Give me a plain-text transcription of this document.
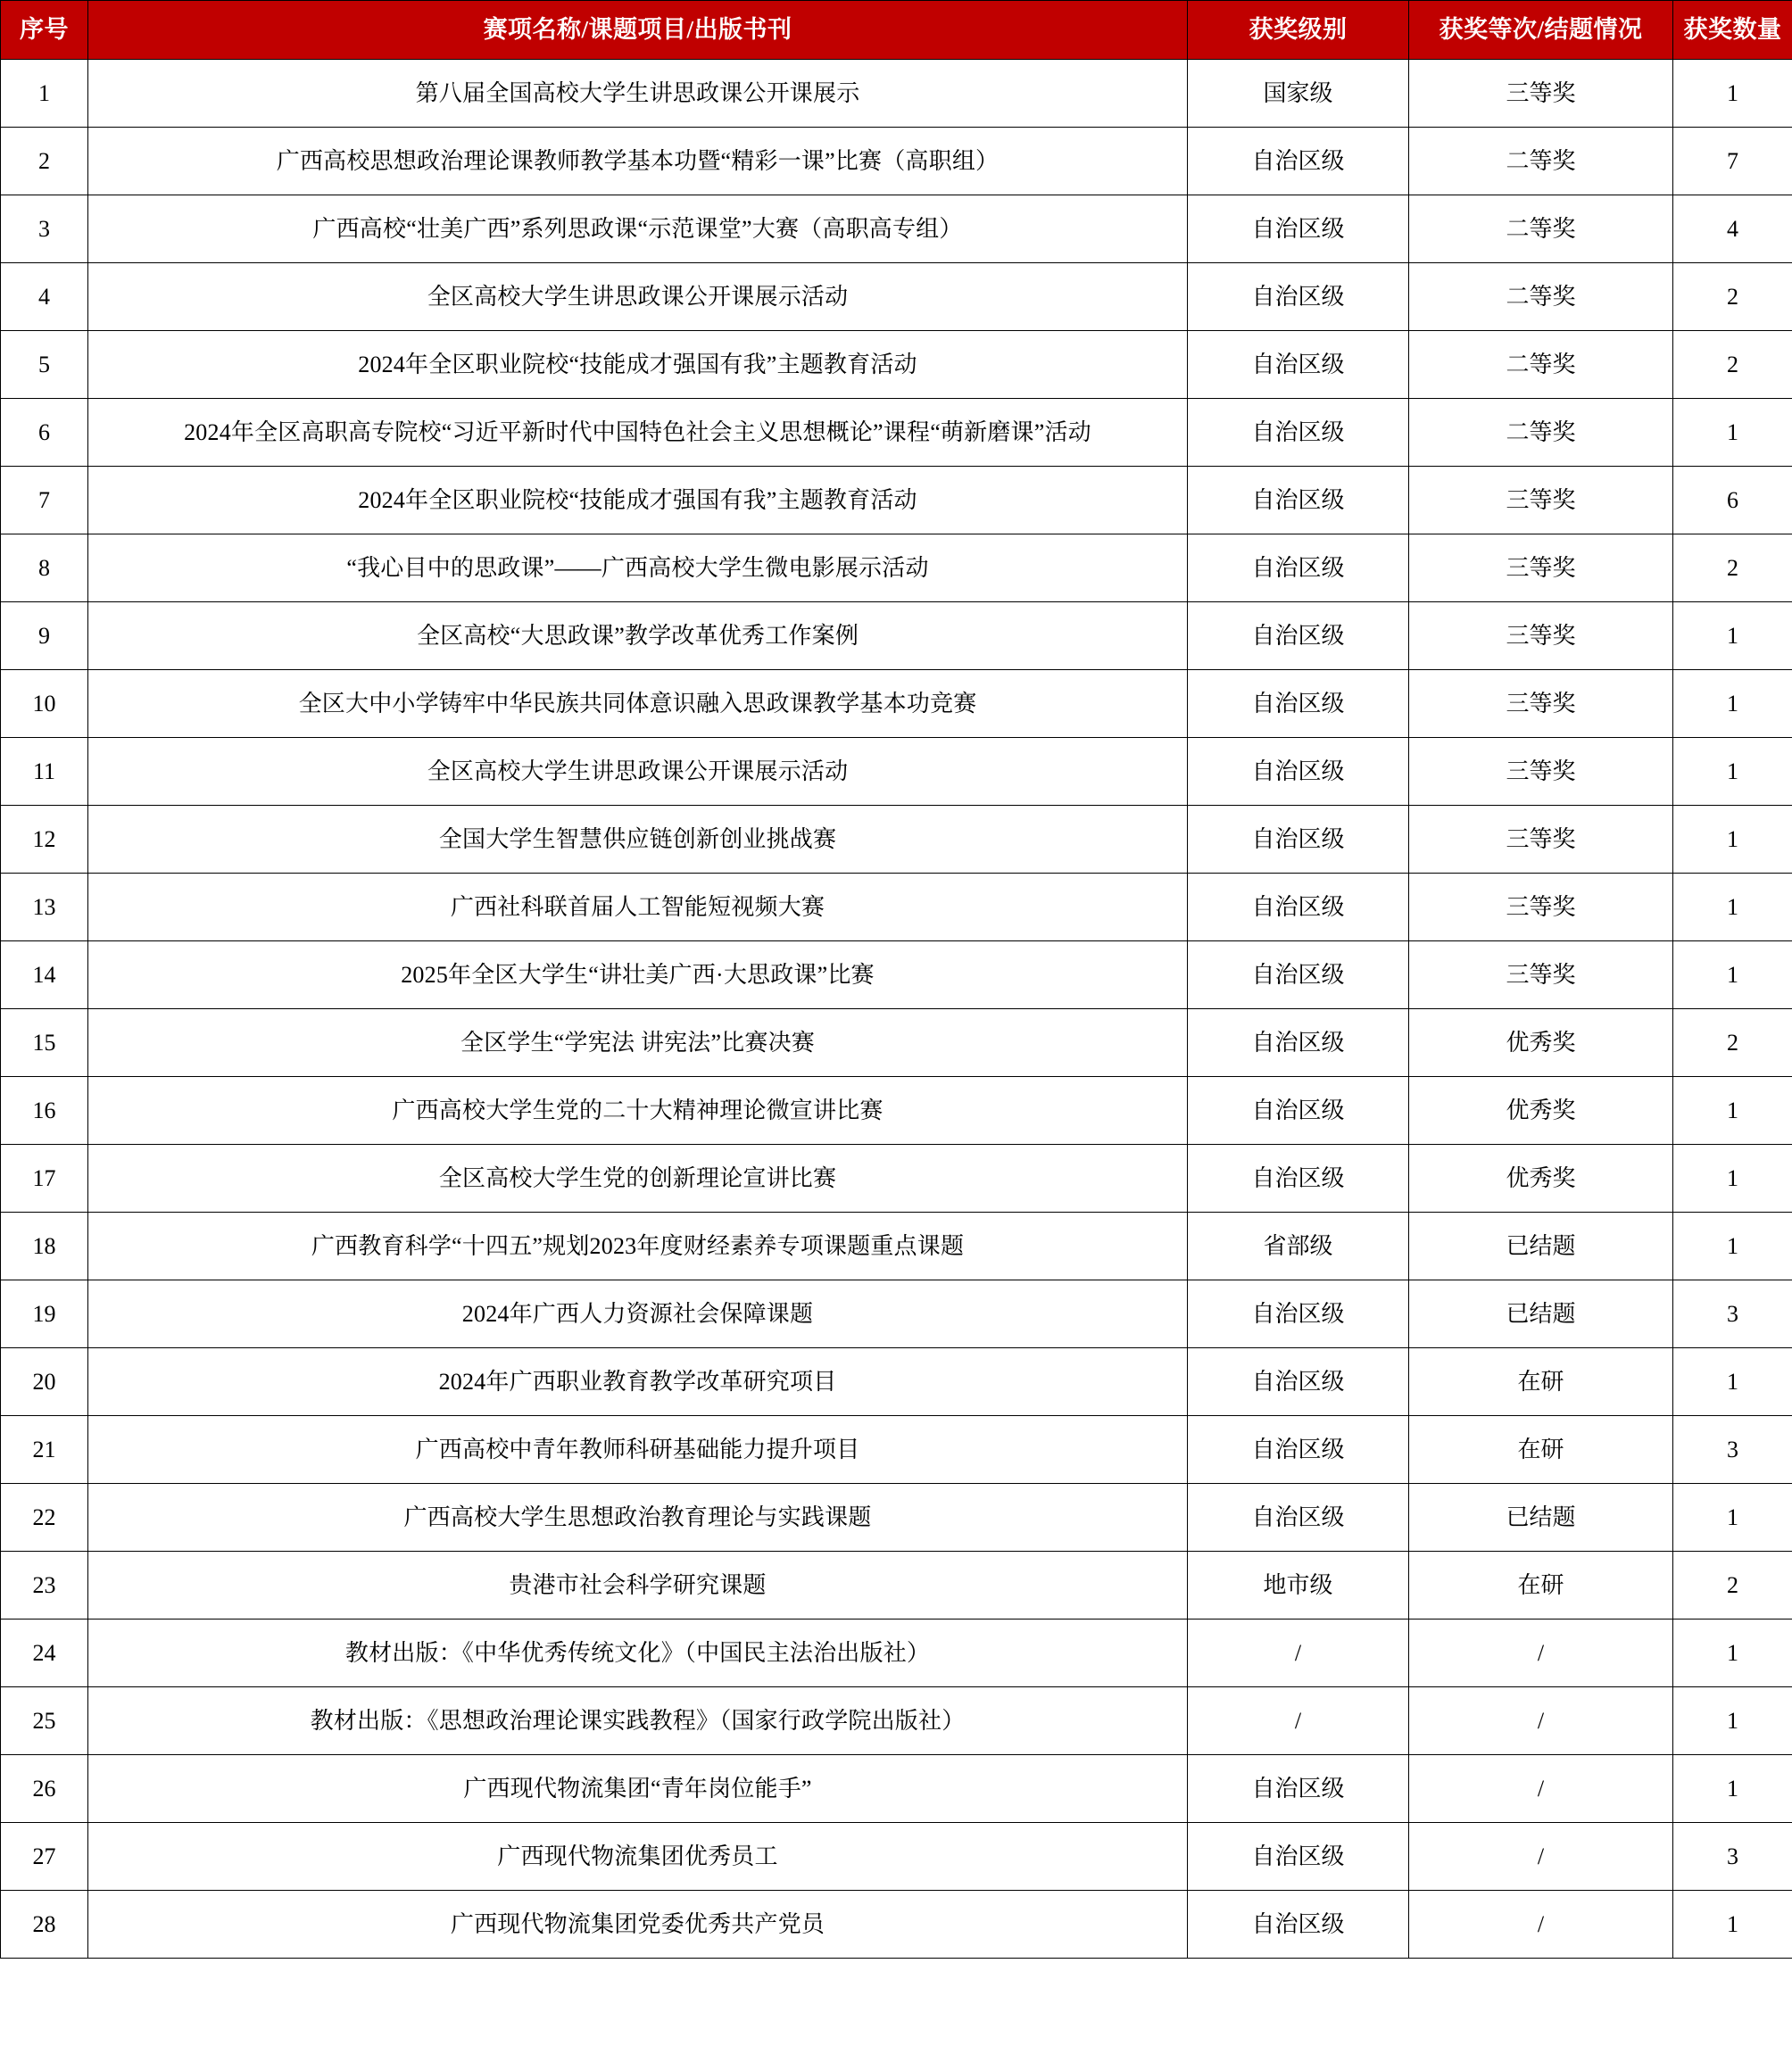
序号	赛项名称/课题项目/出版书刊	获奖级别	获奖等次/结题情况	获奖数量
1	第八届全国高校大学生讲思政课公开课展示	国家级	三等奖	1
2	广西高校思想政治理论课教师教学基本功暨“精彩一课”比赛（高职组）	自治区级	二等奖	7
3	广西高校“壮美广西”系列思政课“示范课堂”大赛（高职高专组）	自治区级	二等奖	4
4	全区高校大学生讲思政课公开课展示活动	自治区级	二等奖	2
5	2024年全区职业院校“技能成才强国有我”主题教育活动	自治区级	二等奖	2
6	2024年全区高职高专院校“习近平新时代中国特色社会主义思想概论”课程“萌新磨课”活动	自治区级	二等奖	1
7	2024年全区职业院校“技能成才强国有我”主题教育活动	自治区级	三等奖	6
8	“我心目中的思政课”——广西高校大学生微电影展示活动	自治区级	三等奖	2
9	全区高校“大思政课”教学改革优秀工作案例	自治区级	三等奖	1
10	全区大中小学铸牢中华民族共同体意识融入思政课教学基本功竞赛	自治区级	三等奖	1
11	全区高校大学生讲思政课公开课展示活动	自治区级	三等奖	1
12	全国大学生智慧供应链创新创业挑战赛	自治区级	三等奖	1
13	广西社科联首届人工智能短视频大赛	自治区级	三等奖	1
14	2025年全区大学生“讲壮美广西·大思政课”比赛	自治区级	三等奖	1
15	全区学生“学宪法 讲宪法”比赛决赛	自治区级	优秀奖	2
16	广西高校大学生党的二十大精神理论微宣讲比赛	自治区级	优秀奖	1
17	全区高校大学生党的创新理论宣讲比赛	自治区级	优秀奖	1
18	广西教育科学“十四五”规划2023年度财经素养专项课题重点课题	省部级	已结题	1
19	2024年广西人力资源社会保障课题	自治区级	已结题	3
20	2024年广西职业教育教学改革研究项目	自治区级	在研	1
21	广西高校中青年教师科研基础能力提升项目	自治区级	在研	3
22	广西高校大学生思想政治教育理论与实践课题	自治区级	已结题	1
23	贵港市社会科学研究课题	地市级	在研	2
24	教材出版：《中华优秀传统文化》（中国民主法治出版社）	/	/	1
25	教材出版：《思想政治理论课实践教程》（国家行政学院出版社）	/	/	1
26	广西现代物流集团“青年岗位能手”	自治区级	/	1
27	广西现代物流集团优秀员工	自治区级	/	3
28	广西现代物流集团党委优秀共产党员	自治区级	/	1
